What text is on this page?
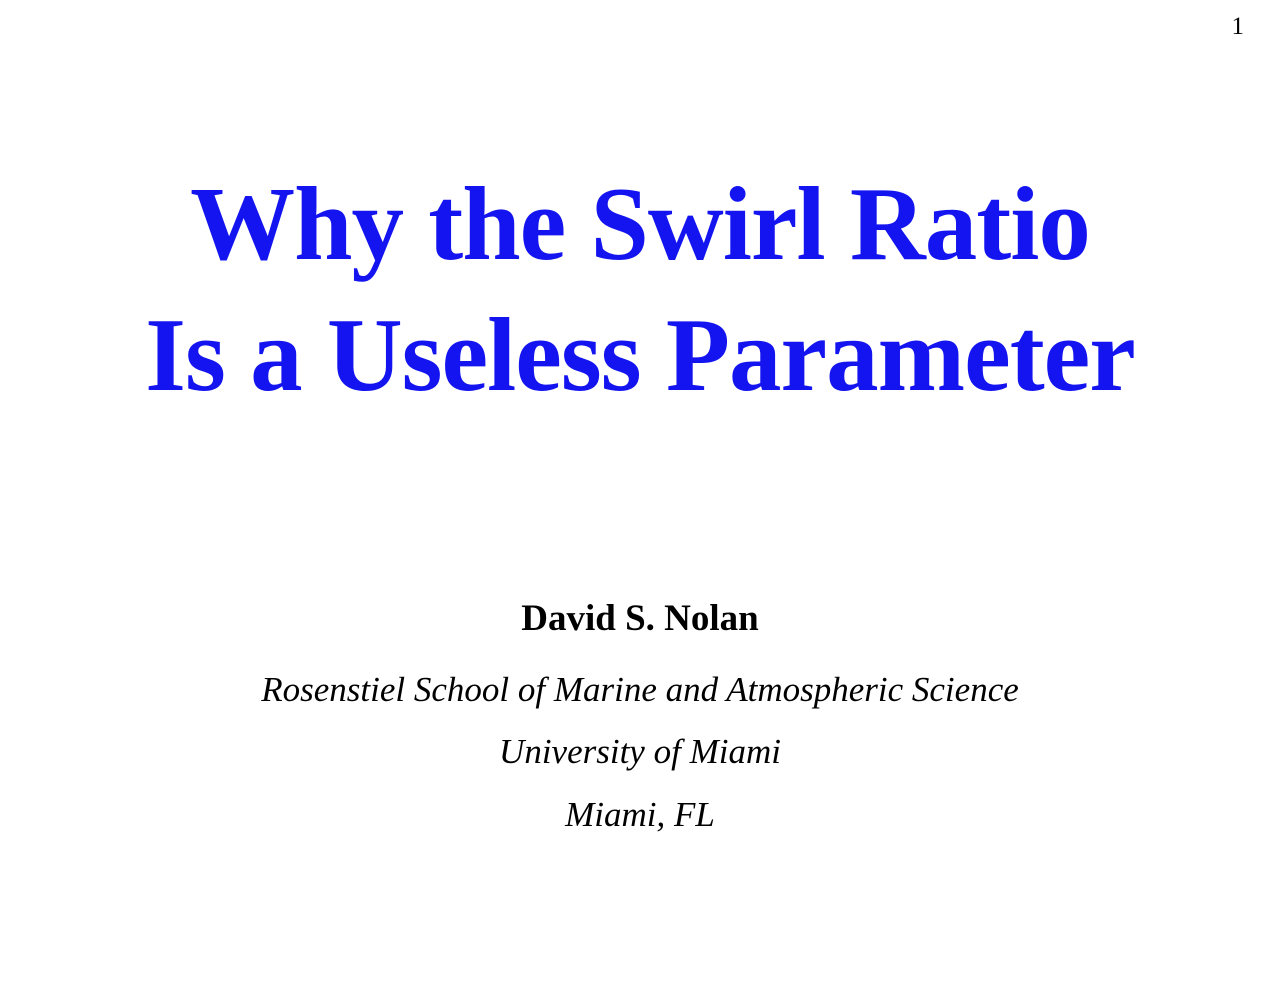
1
Why the Swirl Ratio
Is a Useless Parameter
David S. Nolan
Rosenstiel School of Marine and Atmospheric Science
University of Miami
Miami, FL
